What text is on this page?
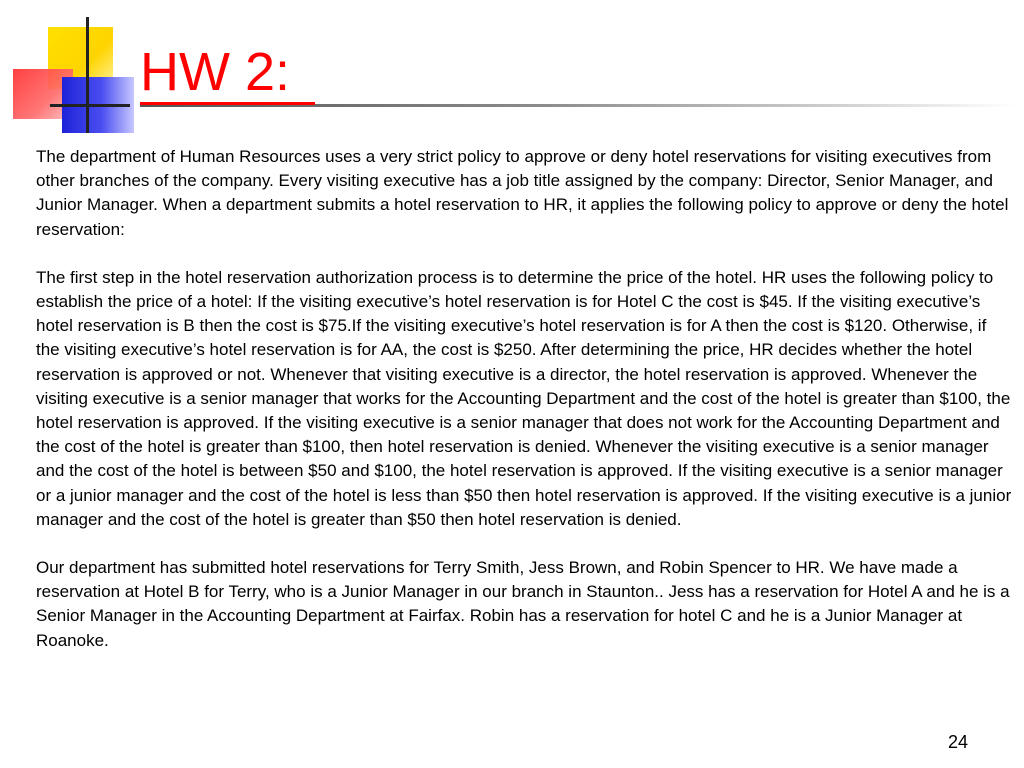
HW 2:

The department of Human Resources uses a very strict policy to approve or deny hotel reservations for visiting executives from other branches of the company. Every visiting executive has a job title assigned by the company: Director, Senior Manager, and Junior Manager. When a department submits a hotel reservation to HR, it applies the following policy to approve or deny the hotel reservation:

The first step in the hotel reservation authorization process is to determine the price of the hotel. HR uses the following policy to establish the price of a hotel: If the visiting executive’s hotel reservation is for Hotel C the cost is $45. If the visiting executive’s hotel reservation is B then the cost is $75.If the visiting executive’s hotel reservation is for A then the cost is $120. Otherwise, if the visiting executive’s hotel reservation is for AA, the cost is $250. After determining the price, HR decides whether the hotel reservation is approved or not. Whenever that visiting executive is a director, the hotel reservation is approved. Whenever the visiting executive is a senior manager that works for the Accounting Department and the cost of the hotel is greater than $100, the hotel reservation is approved. If the visiting executive is a senior manager that does not work for the Accounting Department and the cost of the hotel is greater than $100, then hotel reservation is denied. Whenever the visiting executive is a senior manager and the cost of the hotel is between $50 and $100, the hotel reservation is approved. If the visiting executive is a senior manager or a junior manager and the cost of the hotel is less than $50 then hotel reservation is approved. If the visiting executive is a junior manager and the cost of the hotel is greater than $50 then hotel reservation is denied.

Our department has submitted hotel reservations for Terry Smith, Jess Brown, and Robin Spencer to HR. We have made a reservation at Hotel B for Terry, who is a Junior Manager in our branch in Staunton.. Jess has a reservation for Hotel A and he is a Senior Manager in the Accounting Department at Fairfax. Robin has a reservation for hotel C and he is a Junior Manager at Roanoke.

24
